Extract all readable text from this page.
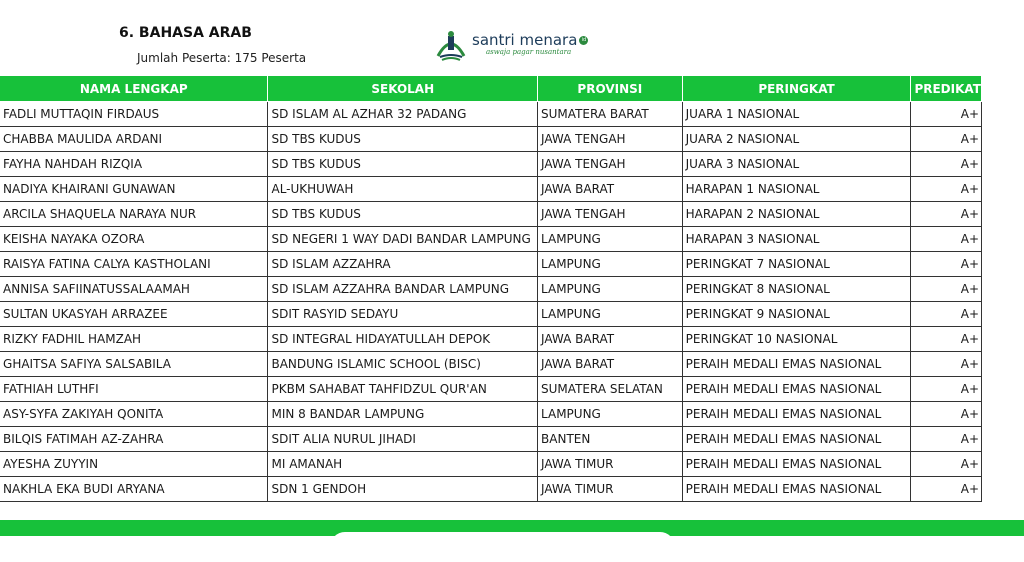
6. BAHASA ARAB
Jumlah Peserta: 175 Peserta
santri menara id
aswaja pagar nusantara
	NAMA LENGKAP	SEKOLAH	PROVINSI	PERINGKAT	PREDIKAT
	FADLI MUTTAQIN FIRDAUS	SD ISLAM AL AZHAR 32 PADANG	SUMATERA BARAT	JUARA 1 NASIONAL	A+
	CHABBA MAULIDA ARDANI	SD TBS KUDUS	JAWA TENGAH	JUARA 2 NASIONAL	A+
	FAYHA NAHDAH RIZQIA	SD TBS KUDUS	JAWA TENGAH	JUARA 3 NASIONAL	A+
	NADIYA KHAIRANI GUNAWAN	AL-UKHUWAH	JAWA BARAT	HARAPAN 1 NASIONAL	A+
	ARCILA SHAQUELA NARAYA NUR	SD TBS KUDUS	JAWA TENGAH	HARAPAN 2 NASIONAL	A+
	KEISHA NAYAKA OZORA	SD NEGERI 1 WAY DADI BANDAR LAMPUNG	LAMPUNG	HARAPAN 3 NASIONAL	A+
	RAISYA FATINA CALYA KASTHOLANI	SD ISLAM AZZAHRA	LAMPUNG	PERINGKAT 7 NASIONAL	A+
	ANNISA SAFIINATUSSALAAMAH	SD ISLAM AZZAHRA BANDAR LAMPUNG	LAMPUNG	PERINGKAT 8 NASIONAL	A+
	SULTAN UKASYAH ARRAZEE	SDIT RASYID SEDAYU	LAMPUNG	PERINGKAT 9 NASIONAL	A+
	RIZKY FADHIL HAMZAH	SD INTEGRAL HIDAYATULLAH DEPOK	JAWA BARAT	PERINGKAT 10 NASIONAL	A+
	GHAITSA SAFIYA SALSABILA	BANDUNG ISLAMIC SCHOOL (BISC)	JAWA BARAT	PERAIH MEDALI EMAS NASIONAL	A+
	FATHIAH LUTHFI	PKBM SAHABAT TAHFIDZUL QUR'AN	SUMATERA SELATAN	PERAIH MEDALI EMAS NASIONAL	A+
	ASY-SYFA ZAKIYAH QONITA	MIN 8 BANDAR LAMPUNG	LAMPUNG	PERAIH MEDALI EMAS NASIONAL	A+
	BILQIS FATIMAH AZ-ZAHRA	SDIT ALIA NURUL JIHADI	BANTEN	PERAIH MEDALI EMAS NASIONAL	A+
	AYESHA ZUYYIN	MI AMANAH	JAWA TIMUR	PERAIH MEDALI EMAS NASIONAL	A+
	NAKHLA EKA BUDI ARYANA	SDN 1 GENDOH	JAWA TIMUR	PERAIH MEDALI EMAS NASIONAL	A+
